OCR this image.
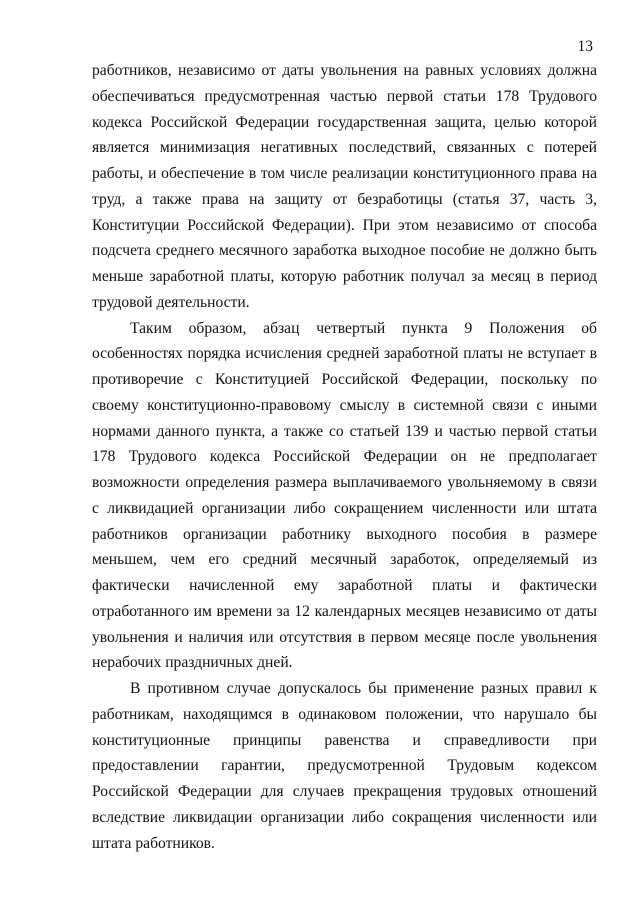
13
работников, независимо от даты увольнения на равных условиях должна
обеспечиваться предусмотренная частью первой статьи 178 Трудового
кодекса Российской Федерации государственная защита, целью которой
является минимизация негативных последствий, связанных с потерей
работы, и обеспечение в том числе реализации конституционного права на
труд, а также права на защиту от безработицы (статья 37, часть 3,
Конституции Российской Федерации). При этом независимо от способа
подсчета среднего месячного заработка выходное пособие не должно быть
меньше заработной платы, которую работник получал за месяц в период
трудовой деятельности.
Таким образом, абзац четвертый пункта 9 Положения об
особенностях порядка исчисления средней заработной платы не вступает в
противоречие с Конституцией Российской Федерации, поскольку по
своему конституционно-правовому смыслу в системной связи с иными
нормами данного пункта, а также со статьей 139 и частью первой статьи
178 Трудового кодекса Российской Федерации он не предполагает
возможности определения размера выплачиваемого увольняемому в связи
с ликвидацией организации либо сокращением численности или штата
работников организации работнику выходного пособия в размере
меньшем, чем его средний месячный заработок, определяемый из
фактически начисленной ему заработной платы и фактически
отработанного им времени за 12 календарных месяцев независимо от даты
увольнения и наличия или отсутствия в первом месяце после увольнения
нерабочих праздничных дней.
В противном случае допускалось бы применение разных правил к
работникам, находящимся в одинаковом положении, что нарушало бы
конституционные принципы равенства и справедливости при
предоставлении гарантии, предусмотренной Трудовым кодексом
Российской Федерации для случаев прекращения трудовых отношений
вследствие ликвидации организации либо сокращения численности или
штата работников.
